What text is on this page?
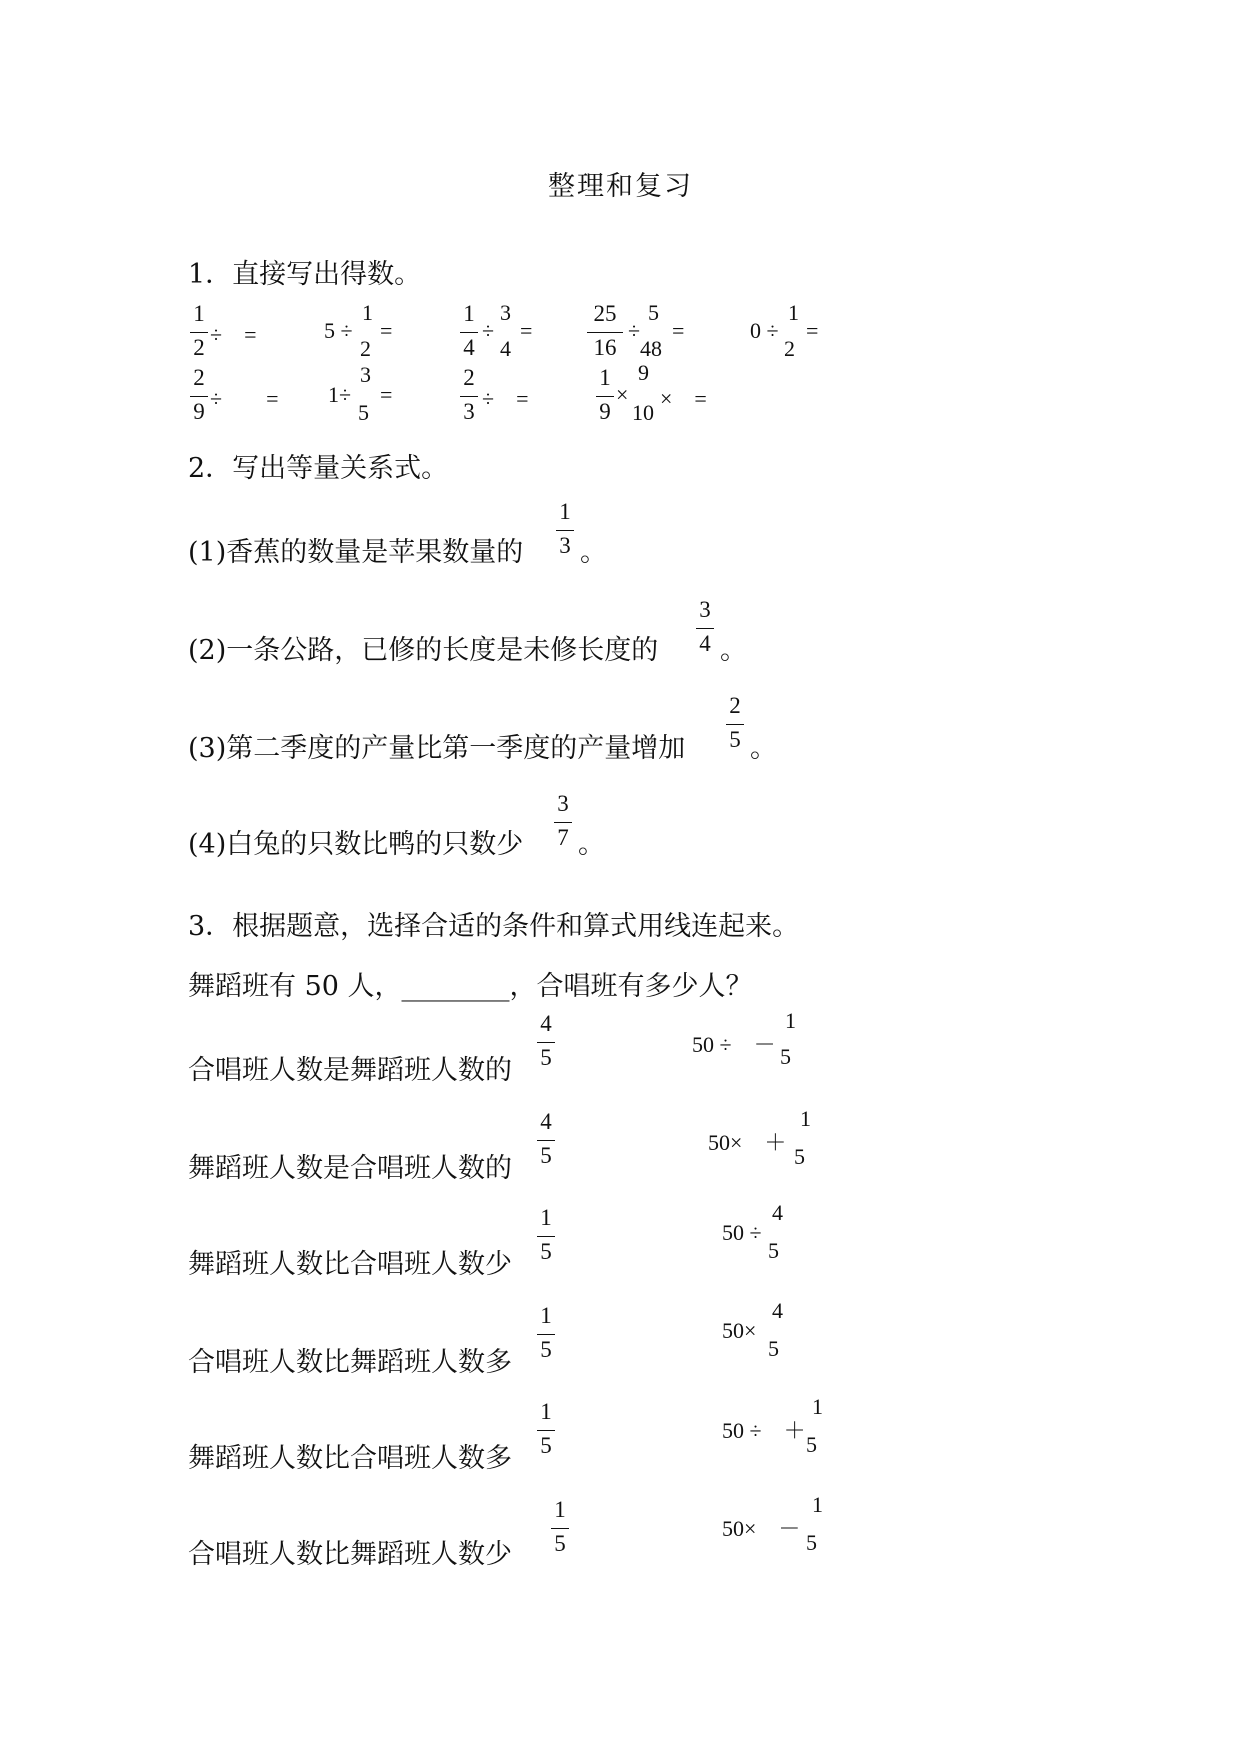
整理和复习
1．直接写出得数。
1
2
÷　=	5 ÷
1
2
=
1
4
÷
3
4
=
25
16
÷
5
48
=	0 ÷
1
2
=
2
9
÷　　= 1÷
3
5
=
2
3
÷　=
1
9
×
9
10
×　=
2．写出等量关系式。
(1)香蕉的数量是苹果数量的
1
3 。
(2)一条公路，已修的长度是未修长度的
3
4 。
(3)第二季度的产量比第一季度的产量增加
2
5 。
(4)白兔的只数比鸭的只数少
3
7 。
3．根据题意，选择合适的条件和算式用线连起来。
舞蹈班有 50 人，________，合唱班有多少人？
合唱班人数是舞蹈班人数的
4
5
舞蹈班人数是合唱班人数的
4
5
舞蹈班人数比合唱班人数少
1
5
合唱班人数比舞蹈班人数多
1
5
舞蹈班人数比合唱班人数多
1
5
合唱班人数比舞蹈班人数少
1
5
50 ÷　－
1
5
50×　＋
1
5
50 ÷
4
5
50×
4
5
50 ÷　＋
1
5
50×　－
1
5
